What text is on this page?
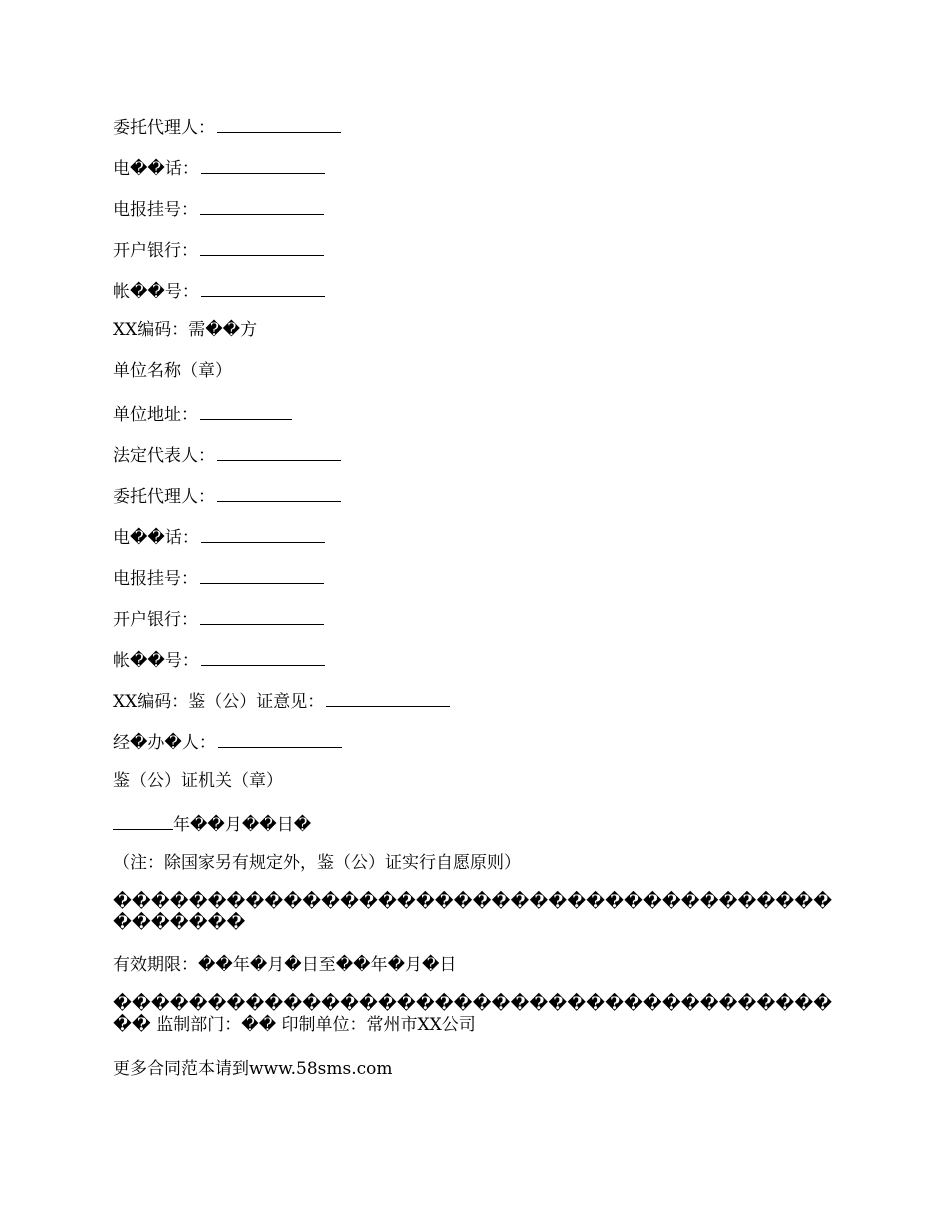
委托代理人：
电��话：
电报挂号：
开户银行：
帐��号：
XX编码：需��方
单位名称（章）
单位地址：
法定代表人：
委托代理人：
电��话：
电报挂号：
开户银行：
帐��号：
XX编码：鉴（公）证意见：
经�办�人：
鉴（公）证机关（章）
年��月��日�
（注：除国家另有规定外，鉴（公）证实行自愿原则）
���������������������������������������������
有效期限：��年�月�日至��年�月�日
���������������������������������������� 监制部门：�� 印制单位：常州市XX公司
更多合同范本请到www.58sms.com
